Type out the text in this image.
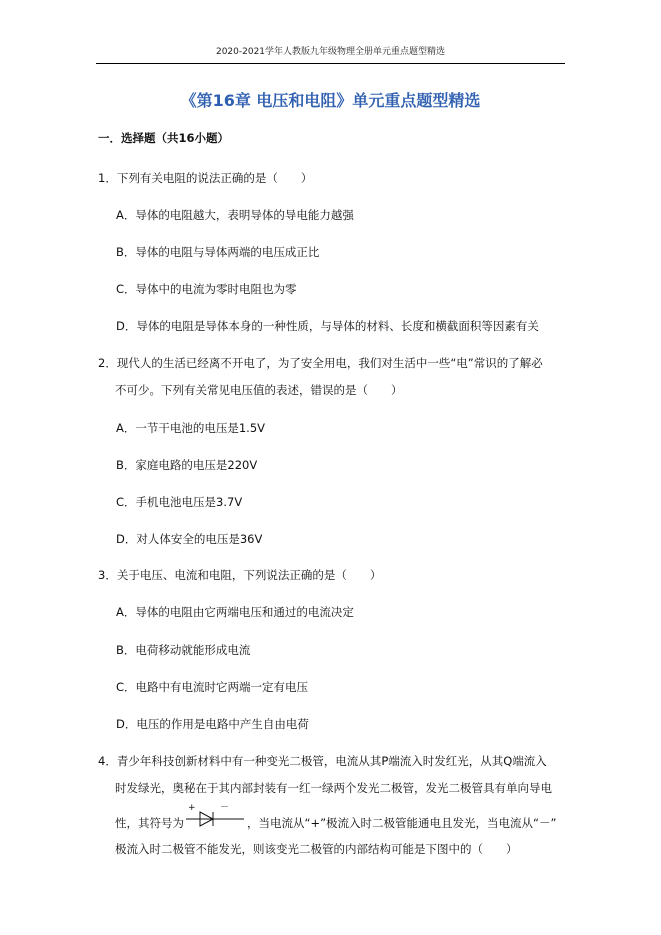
2020-2021学年人教版九年级物理全册单元重点题型精选
《第16章 电压和电阻》单元重点题型精选
一．选择题（共16小题）
1．下列有关电阻的说法正确的是（　　）
A．导体的电阻越大，表明导体的导电能力越强
B．导体的电阻与导体两端的电压成正比
C．导体中的电流为零时电阻也为零
D．导体的电阻是导体本身的一种性质，与导体的材料、长度和横截面积等因素有关
2．现代人的生活已经离不开电了，为了安全用电，我们对生活中一些“电”常识的了解必
不可少。下列有关常见电压值的表述，错误的是（　　）
A．一节干电池的电压是1.5V
B．家庭电路的电压是220V
C．手机电池电压是3.7V
D．对人体安全的电压是36V
3．关于电压、电流和电阻，下列说法正确的是（　　）
A．导体的电阻由它两端电压和通过的电流决定
B．电荷移动就能形成电流
C．电路中有电流时它两端一定有电压
D．电压的作用是电路中产生自由电荷
4．青少年科技创新材料中有一种变光二极管，电流从其P端流入时发红光，从其Q端流入
时发绿光，奥秘在于其内部封装有一红一绿两个发光二极管，发光二极管具有单向导电
性，其符号为
+	－
，当电流从“+”极流入时二极管能通电且发光，当电流从“－”
极流入时二极管不能发光，则该变光二极管的内部结构可能是下图中的（　　）
